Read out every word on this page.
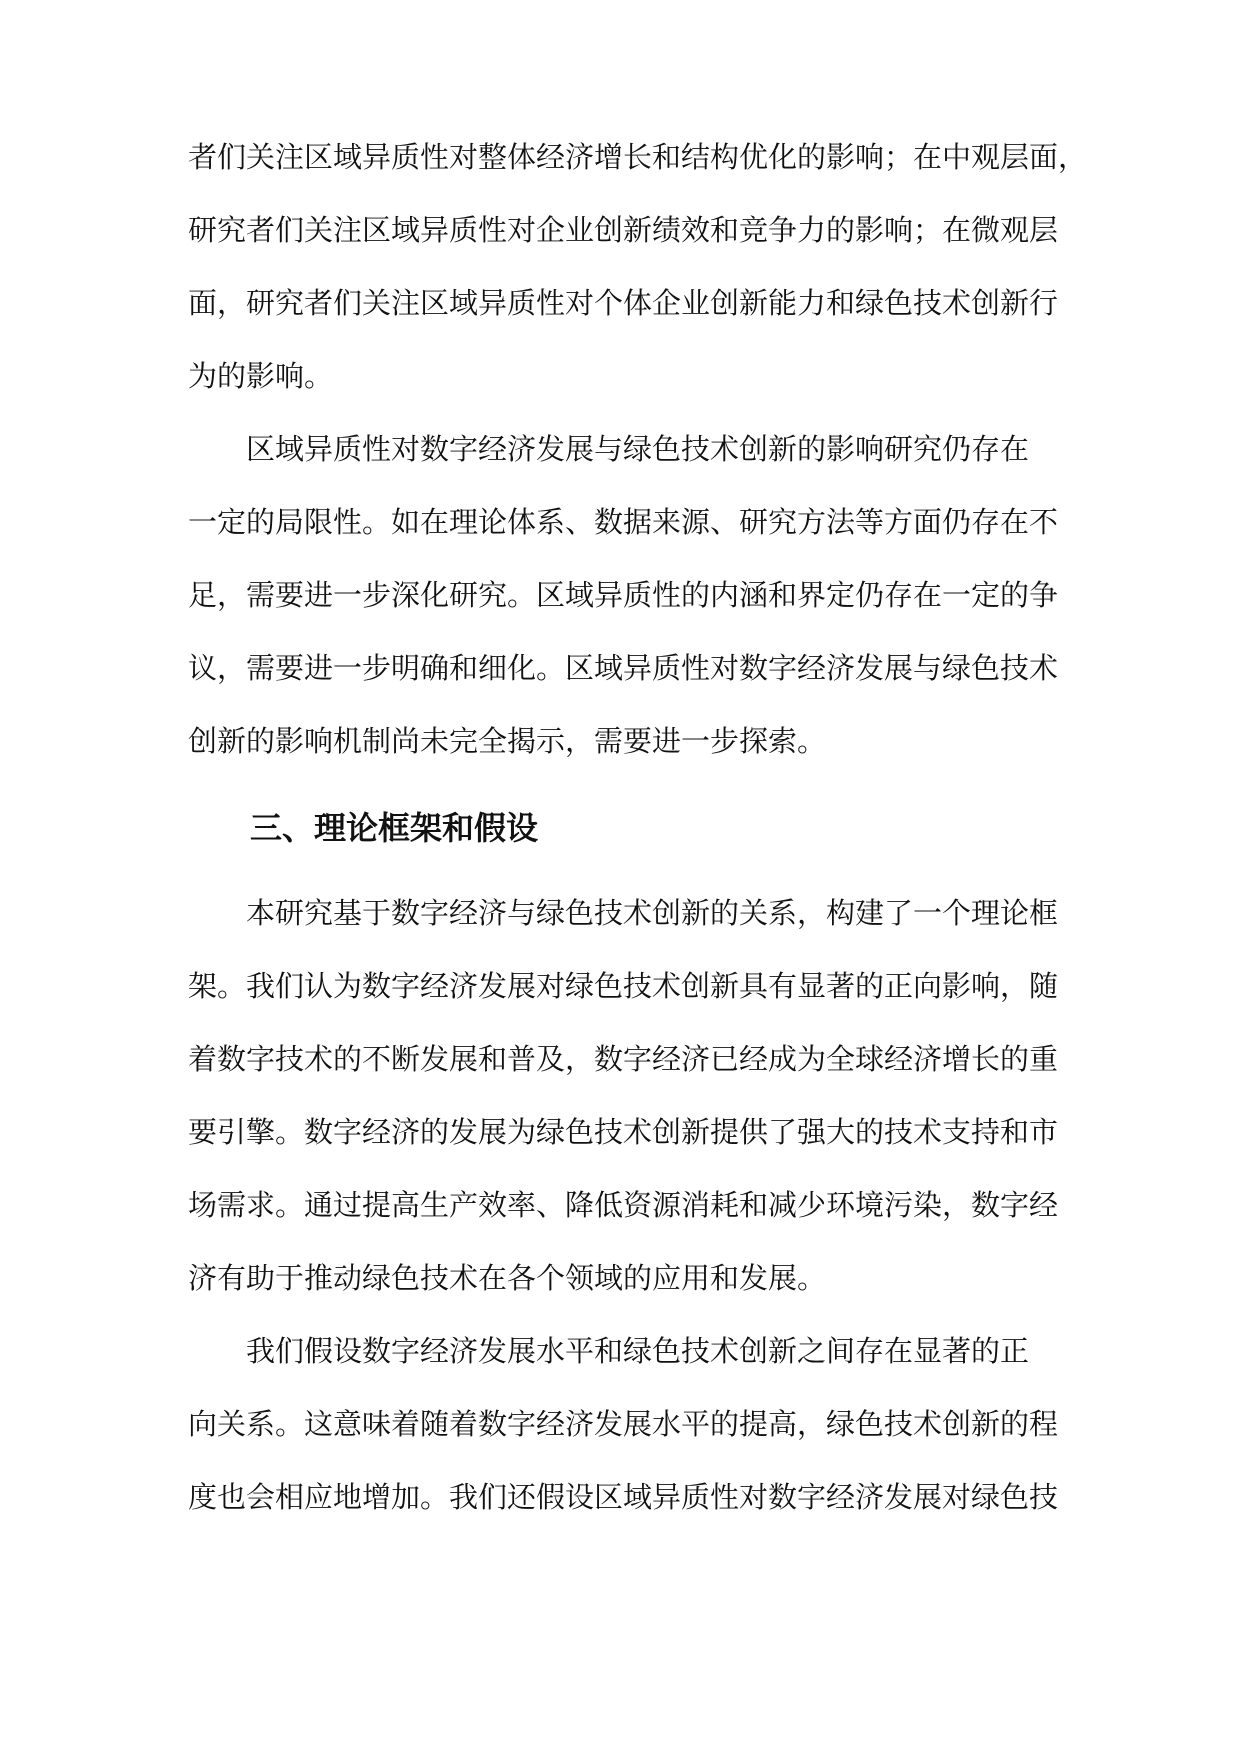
者们关注区域异质性对整体经济增长和结构优化的影响；在中观层面，
研究者们关注区域异质性对企业创新绩效和竞争力的影响；在微观层
面，研究者们关注区域异质性对个体企业创新能力和绿色技术创新行
为的影响。
区域异质性对数字经济发展与绿色技术创新的影响研究仍存在
一定的局限性。如在理论体系、数据来源、研究方法等方面仍存在不
足，需要进一步深化研究。区域异质性的内涵和界定仍存在一定的争
议，需要进一步明确和细化。区域异质性对数字经济发展与绿色技术
创新的影响机制尚未完全揭示，需要进一步探索。
三、理论框架和假设
本研究基于数字经济与绿色技术创新的关系，构建了一个理论框
架。我们认为数字经济发展对绿色技术创新具有显著的正向影响，随
着数字技术的不断发展和普及，数字经济已经成为全球经济增长的重
要引擎。数字经济的发展为绿色技术创新提供了强大的技术支持和市
场需求。通过提高生产效率、降低资源消耗和减少环境污染，数字经
济有助于推动绿色技术在各个领域的应用和发展。
我们假设数字经济发展水平和绿色技术创新之间存在显著的正
向关系。这意味着随着数字经济发展水平的提高，绿色技术创新的程
度也会相应地增加。我们还假设区域异质性对数字经济发展对绿色技
